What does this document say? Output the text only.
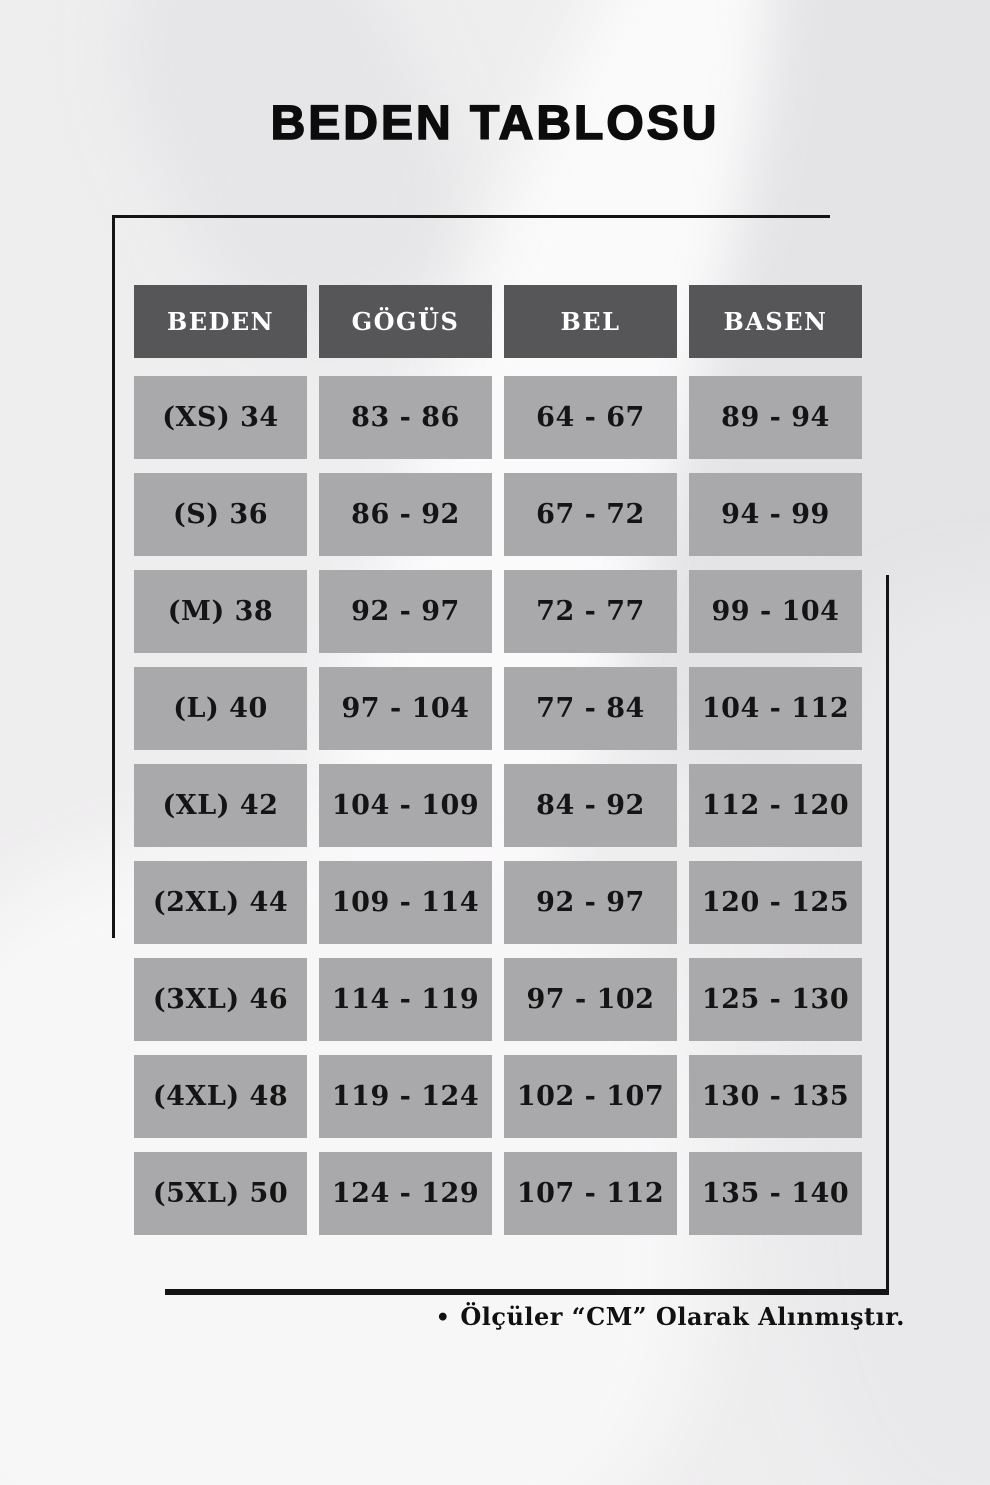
BEDEN TABLOSU
BEDEN	GÖGÜS	BEL	BASEN
(XS) 34	83 - 86	64 - 67	89 - 94
(S) 36	86 - 92	67 - 72	94 - 99
(M) 38	92 - 97	72 - 77	99 - 104
(L) 40	97 - 104	77 - 84	104 - 112
(XL) 42	104 - 109	84 - 92	112 - 120
(2XL) 44	109 - 114	92 - 97	120 - 125
(3XL) 46	114 - 119	97 - 102	125 - 130
(4XL) 48	119 - 124	102 - 107	130 - 135
(5XL) 50	124 - 129	107 - 112	135 - 140
• Ölçüler “CM” Olarak Alınmıştır.
